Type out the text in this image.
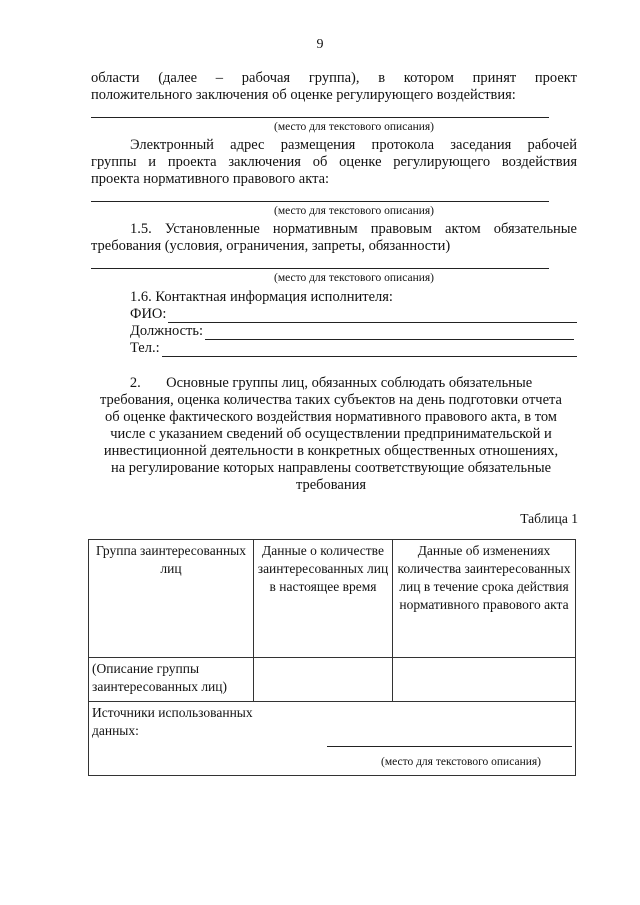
9
области (далее – рабочая группа), в котором принят проект
положительного заключения об оценке регулирующего воздействия:
(место для текстового описания)
Электронный адрес размещения протокола заседания рабочей
группы и проекта заключения об оценке регулирующего воздействия
проекта нормативного правового акта:
(место для текстового описания)
1.5. Установленные нормативным правовым актом обязательные
требования (условия, ограничения, запреты, обязанности)
(место для текстового описания)
1.6. Контактная информация исполнителя:
ФИО:
Должность:
Тел.:
2.       Основные группы лиц, обязанных соблюдать обязательные
требования, оценка количества таких субъектов на день подготовки отчета
об оценке фактического воздействия нормативного правового акта, в том
числе с указанием сведений об осуществлении предпринимательской и
инвестиционной деятельности в конкретных общественных отношениях,
на регулирование которых направлены соответствующие обязательные
требования
Таблица 1
Группа заинтересованных лиц	Данные о количестве заинтересованных лиц в настоящее время	Данные об изменениях количества заинтересованных лиц в течение срока действия нормативного правового акта
(Описание группы заинтересованных лиц)		

Источники использованных данных:
(место для текстового описания)		
